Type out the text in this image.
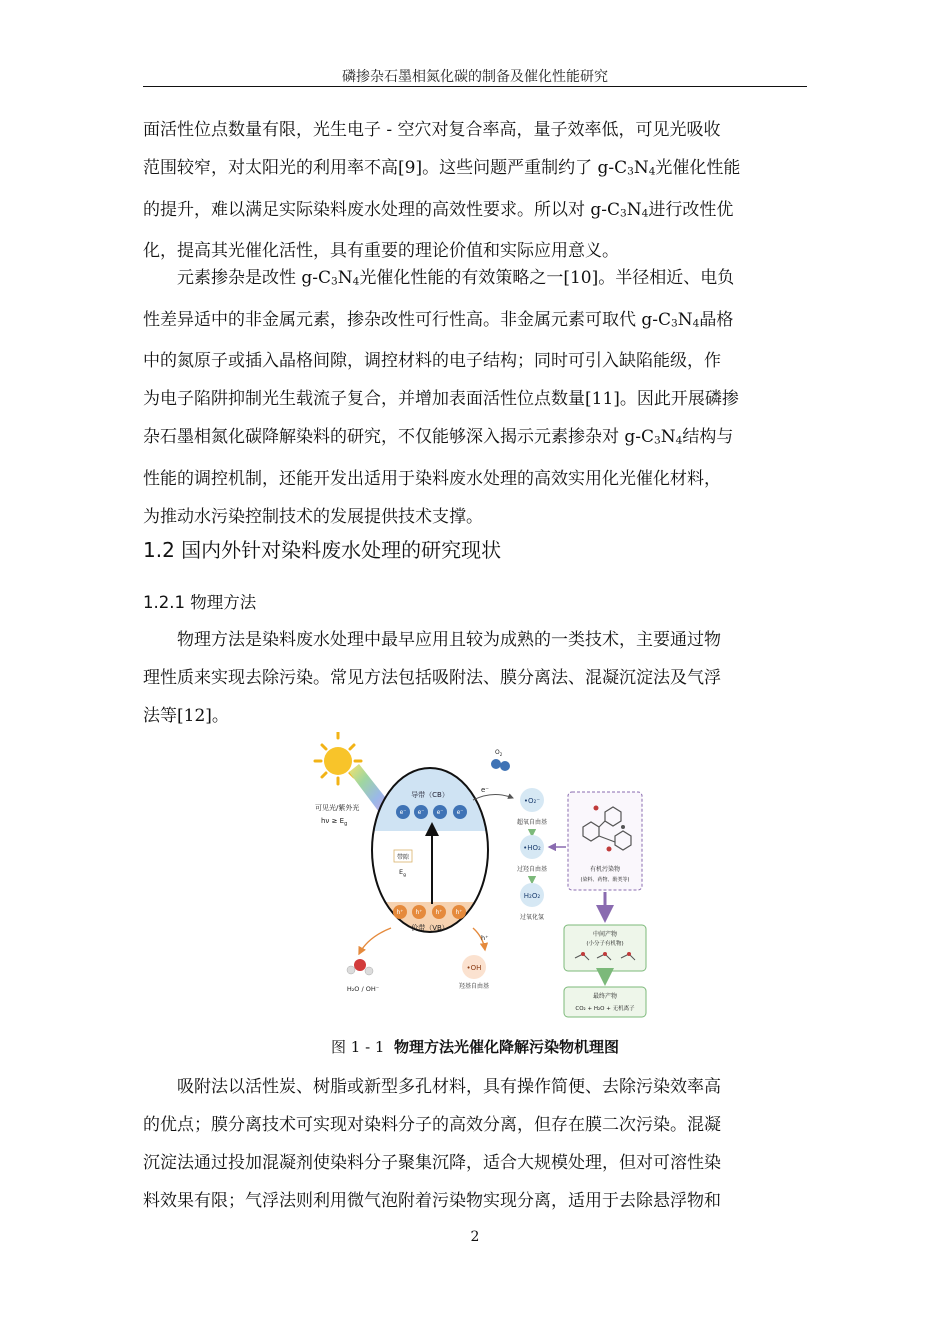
磷掺杂石墨相氮化碳的制备及催化性能研究
面活性位点数量有限，光生电子 ‐ 空穴对复合率高，量子效率低，可见光吸收
范围较窄，对太阳光的利用率不高[9]。这些问题严重制约了 $g-C_3N_4$光催化性能
的提升，难以满足实际染料废水处理的高效性要求。所以对 $g-C_3N_4$进行改性优
化，提高其光催化活性，具有重要的理论价值和实际应用意义。
元素掺杂是改性 $g-C_3N_4$光催化性能的有效策略之一[10]。半径相近、电负
性差异适中的非金属元素，掺杂改性可行性高。非金属元素可取代 $g-C_3N_4$晶格
中的氮原子或插入晶格间隙，调控材料的电子结构；同时可引入缺陷能级，作
为电子陷阱抑制光生载流子复合，并增加表面活性位点数量[11]。因此开展磷掺
杂石墨相氮化碳降解染料的研究，不仅能够深入揭示元素掺杂对 $g-C_3N_4$结构与
性能的调控机制，还能开发出适用于染料废水处理的高效实用化光催化材料，
为推动水污染控制技术的发展提供技术支撑。
1.2 国内外针对染料废水处理的研究现状
1.2.1 物理方法
物理方法是染料废水处理中最早应用且较为成熟的一类技术，主要通过物
理性质来实现去除污染。常见方法包括吸附法、膜分离法、混凝沉淀法及气浮
法等[12]。
可见光/紫外光
$h\nu \ge E_g$
导带（CB）
e⁻ e⁻ e⁻ e⁻
带隙
$E_g$
h⁺ h⁺ h⁺ h⁺
价带（VB）
$O_2$
e⁻
•O₂⁻
超氧自由基
•HO₂
过羟自由基
H₂O₂
过氧化氢
有机污染物
(染料、药物、酚类等)
中间产物
(小分子有机物)
最终产物
CO₂ + H₂O + 无机离子
H₂O / OH⁻
h⁺
•OH
羟基自由基
图 1 - 1 物理方法光催化降解污染物机理图
吸附法以活性炭、树脂或新型多孔材料，具有操作简便、去除污染效率高
的优点；膜分离技术可实现对染料分子的高效分离，但存在膜二次污染。混凝
沉淀法通过投加混凝剂使染料分子聚集沉降，适合大规模处理，但对可溶性染
料效果有限；气浮法则利用微气泡附着污染物实现分离，适用于去除悬浮物和
2
